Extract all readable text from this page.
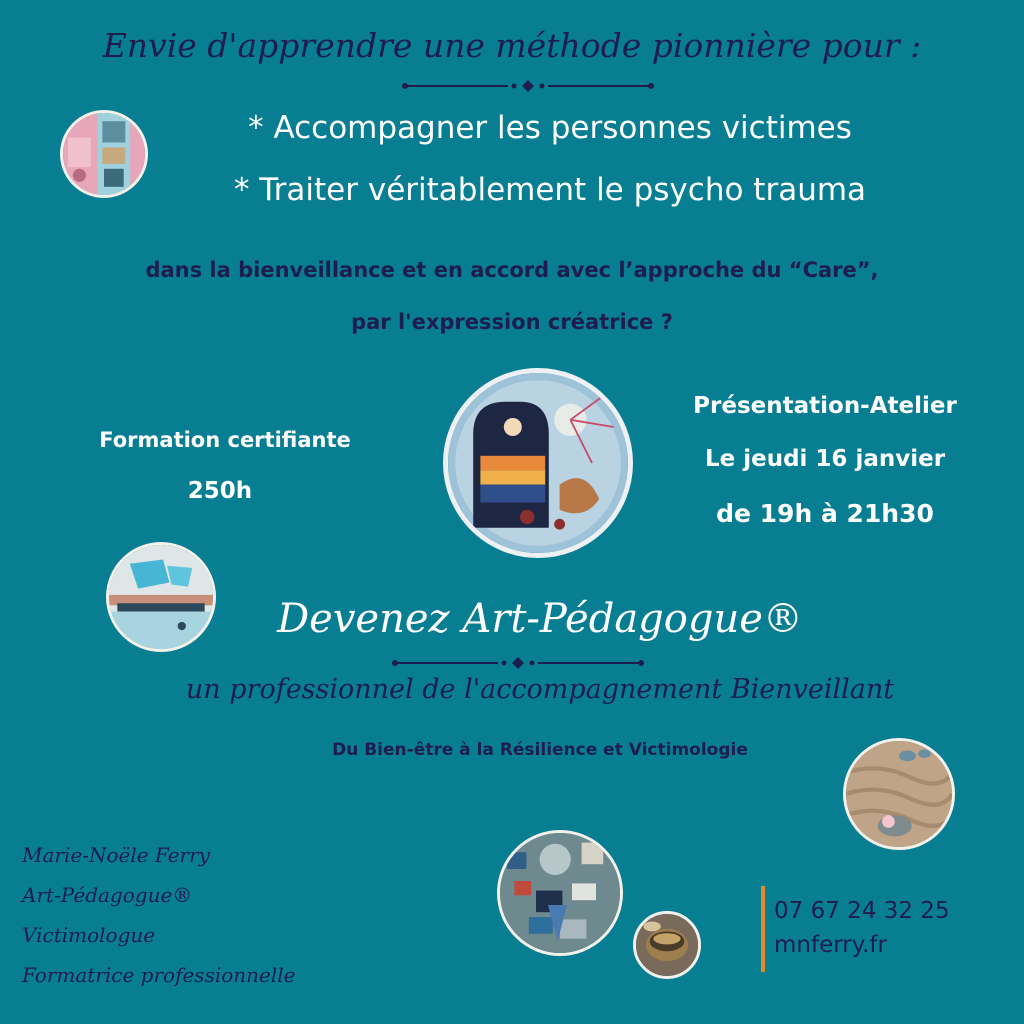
Envie d'apprendre une méthode pionnière pour :

* Accompagner les personnes victimes

* Traiter véritablement le psycho trauma

dans la bienveillance et en accord avec l’approche du “Care”,

par l'expression créatrice ?

Formation certifiante

250h

Présentation-Atelier

Le jeudi 16 janvier

de 19h à 21h30

Devenez Art-Pédagogue®

un professionnel de l'accompagnement Bienveillant

Du Bien-être à la Résilience et Victimologie

Marie-Noële Ferry

Art-Pédagogue®

Victimologue

Formatrice professionnelle

07 67 24 32 25

mnferry.fr
